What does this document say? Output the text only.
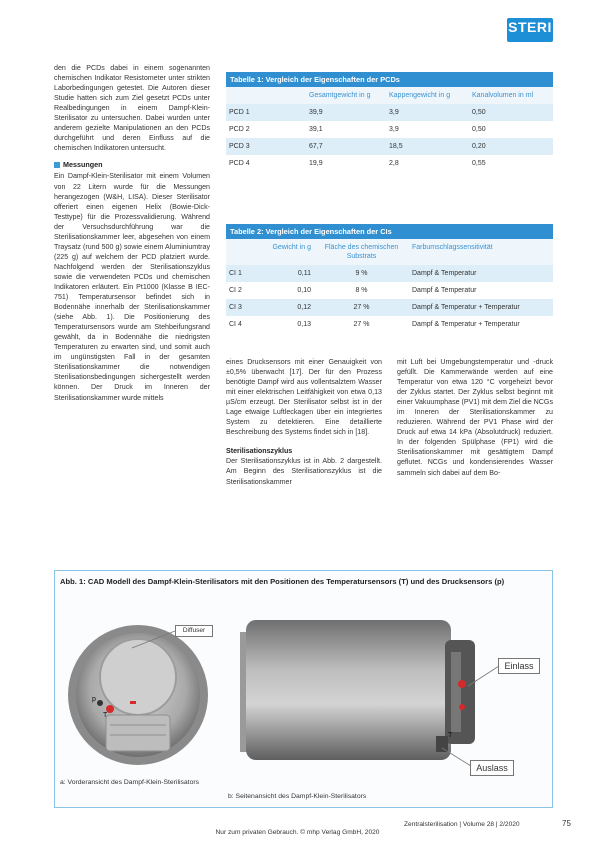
STERI

den die PCDs dabei in einem sogenannten chemischen Indikator Resistometer unter strikten Laborbedingungen getestet. Die Autoren dieser Studie hatten sich zum Ziel gesetzt PCDs unter Realbedingungen in einem Dampf-Klein-Sterilisator zu untersuchen. Dabei wurden unter anderem gezielte Manipulationen an den PCDs durchgeführt und deren Einfluss auf die chemischen Indikatoren untersucht.

Messungen

Ein Dampf-Klein-Sterilisator mit einem Volumen von 22 Litern wurde für die Messungen herangezogen (W&H, LISA). Dieser Sterilisator offeriert einen eigenen Helix (Bowie-Dick-Testtype) für die Prozessvalidierung. Während der Versuchsdurchführung war die Sterilisationskammer leer, abgesehen von einem Traysatz (rund 500 g) sowie einem Aluminiumtray (225 g) auf welchem der PCD platziert wurde. Nachfolgend werden der Sterilisationszyklus sowie die verwendeten PCDs und chemischen Indikatoren erläutert. Ein Pt1000 (Klasse B IEC-751) Temperatursensor befindet sich in Bodennähe innerhalb der Sterilisationskammer (siehe Abb. 1). Die Positionierung des Temperatursensors wurde am Stehbeifungsrand gewählt, da in Bodennähe die niedrigsten Temperaturen zu erwarten sind, und somit auch im ungünstigsten Fall in der gesamten Sterilisationskammer die notwendigen Sterilisationsbedingungen sichergestellt werden können. Der Druck im Inneren der Sterilisationskammer wurde mittels

Tabelle 1: Vergleich der Eigenschaften der PCDs
	Gesamtgewicht in g	Kappengewicht in g	Kanalvolumen in ml
PCD 1	39,9	3,9	0,50
PCD 2	39,1	3,9	0,50
PCD 3	67,7	18,5	0,20
PCD 4	19,9	2,8	0,55
Tabelle 2: Vergleich der Eigenschaften der CIs
	Gewicht in g	Fläche des chemischen Substrats	Farbumschlagssensitivität
CI 1	0,11	9 %	Dampf & Temperatur
CI 2	0,10	8 %	Dampf & Temperatur
CI 3	0,12	27 %	Dampf & Temperatur + Temperatur
CI 4	0,13	27 %	Dampf & Temperatur + Temperatur

eines Drucksensors mit einer Genauigkeit von ±0,5% überwacht [17]. Der für den Prozess benötigte Dampf wird aus vollentsalztem Wasser mit einer elektrischen Leitfähigkeit von etwa 0,13 µS/cm erzeugt. Der Sterilisator selbst ist in der Lage etwaige Luftleckagen über ein integriertes System zu detektieren. Eine detaillierte Beschreibung des Systems findet sich in [18].

Sterilisationszyklus

Der Sterilisationszyklus ist in Abb. 2 dargestellt. Am Beginn des Sterilisationszyklus ist die Sterilisationskammer

mit Luft bei Umgebungstemperatur und -druck gefüllt. Die Kammerwände werden auf eine Temperatur von etwa 120 °C vorgeheizt bevor der Zyklus startet. Der Zyklus selbst beginnt mit einer Vakuumphase (PV1) mit dem Ziel die NCGs im Inneren der Sterilisationskammer zu reduzieren. Während der PV1 Phase wird der Druck auf etwa 14 kPa (Absolutdruck) reduziert. In der folgenden Spülphase (FP1) wird die Sterilisationskammer mit gesättigtem Dampf geflutet. NCGs und kondensierendes Wasser sammeln sich dabei auf dem Bo-

Abb. 1: CAD Modell des Dampf-Klein-Sterilisators mit den Positionen des Temperatursensors (T) und des Drucksensors (p)
Diffuser
p
T
Einlass
Auslass
T
a: Vorderansicht des Dampf-Klein-Sterilisators
b: Seitenansicht des Dampf-Klein-Sterilisators
Zentralsterilisation | Volume 28 | 2/2020	75
Nur zum privaten Gebrauch. © mhp Verlag GmbH, 2020
